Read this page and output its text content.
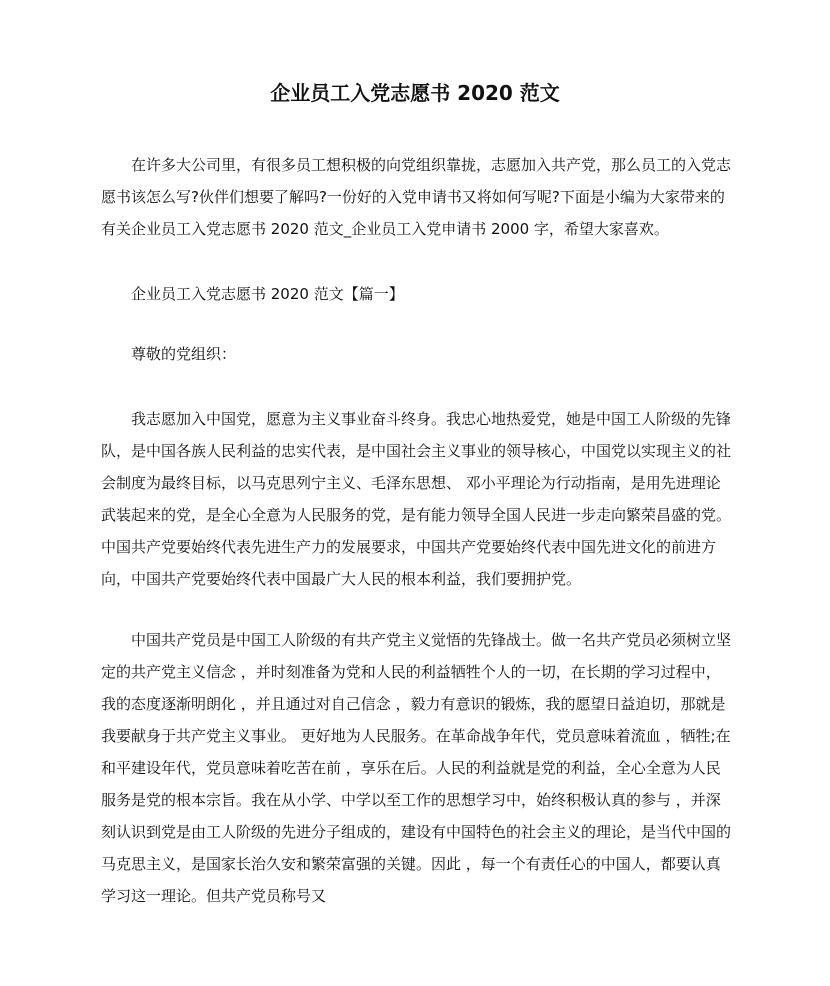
企业员工入党志愿书 2020 范文

在许多大公司里，有很多员工想积极的向党组织靠拢，志愿加入共产党，那么员工的入党志愿书该怎么写?伙伴们想要了解吗?一份好的入党申请书又将如何写呢?下面是小编为大家带来的有关企业员工入党志愿书 2020 范文_企业员工入党申请书 2000 字，希望大家喜欢。

企业员工入党志愿书 2020 范文【篇一】

尊敬的党组织：

我志愿加入中国党，愿意为主义事业奋斗终身。我忠心地热爱党，她是中国工人阶级的先锋队，是中国各族人民利益的忠实代表，是中国社会主义事业的领导核心，中国党以实现主义的社会制度为最终目标，以马克思列宁主义、毛泽东思想、 邓小平理论为行动指南，是用先进理论武装起来的党，是全心全意为人民服务的党，是有能力领导全国人民进一步走向繁荣昌盛的党。中国共产党要始终代表先进生产力的发展要求，中国共产党要始终代表中国先进文化的前进方向，中国共产党要始终代表中国最广大人民的根本利益，我们要拥护党。

中国共产党员是中国工人阶级的有共产党主义觉悟的先锋战士。做一名共产党员必须树立坚定的共产党主义信念 ，并时刻准备为党和人民的利益牺牲个人的一切，在长期的学习过程中，我的态度逐渐明朗化 ，并且通过对自己信念 ，毅力有意识的锻炼，我的愿望日益迫切，那就是我要献身于共产党主义事业。 更好地为人民服务。在革命战争年代，党员意味着流血 ，牺牲;在和平建设年代，党员意味着吃苦在前 ，享乐在后。人民的利益就是党的利益，全心全意为人民服务是党的根本宗旨。我在从小学、中学以至工作的思想学习中，始终积极认真的参与 ，并深刻认识到党是由工人阶级的先进分子组成的，建设有中国特色的社会主义的理论，是当代中国的马克思主义，是国家长治久安和繁荣富强的关键。因此 ，每一个有责任心的中国人，都要认真学习这一理论。但共产党员称号又
